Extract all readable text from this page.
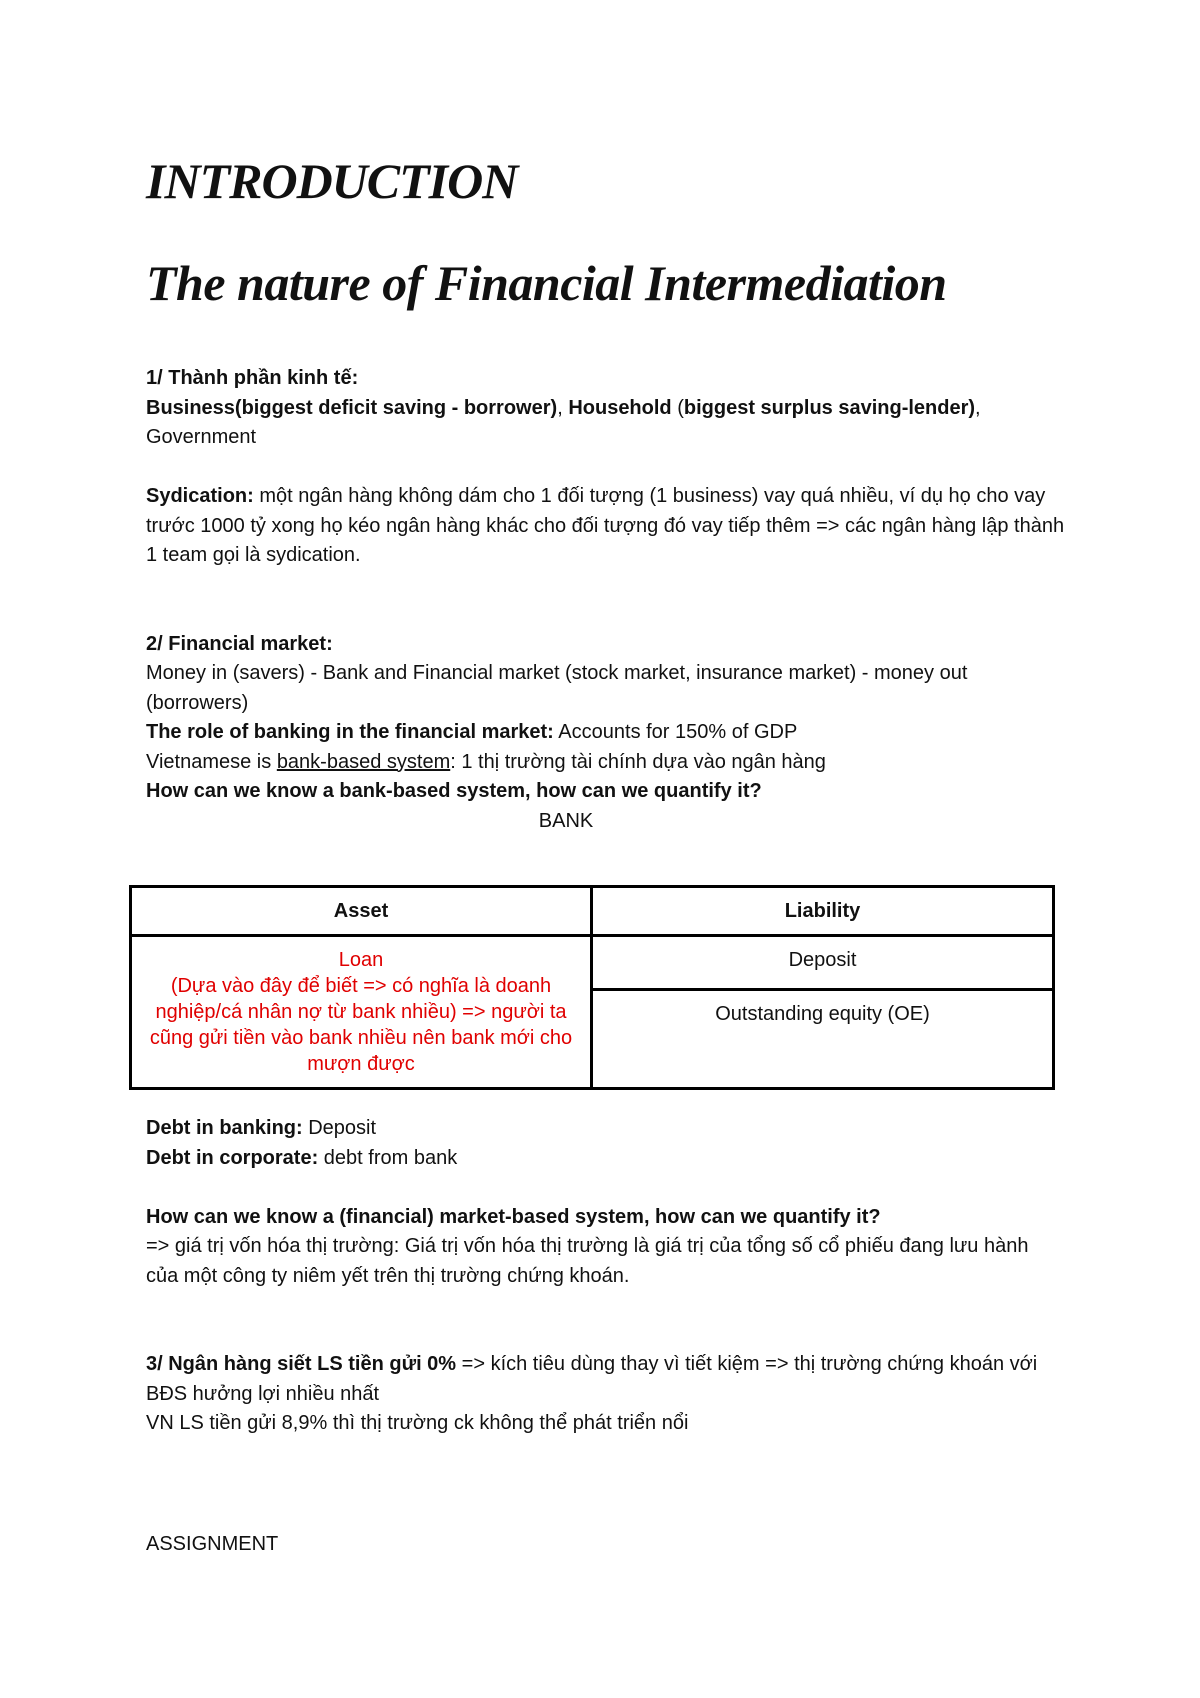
INTRODUCTION
The nature of Financial Intermediation

1/ Thành phần kinh tế:

Business(biggest deficit saving - borrower), Household (biggest surplus saving-lender), Government

Sydication: một ngân hàng không dám cho 1 đối tượng (1 business) vay quá nhiều, ví dụ họ cho vay trước 1000 tỷ xong họ kéo ngân hàng khác cho đối tượng đó vay tiếp thêm => các ngân hàng lập thành 1 team gọi là sydication.

2/ Financial market:

Money in (savers) - Bank and Financial market (stock market, insurance market) - money out (borrowers)

The role of banking in the financial market: Accounts for 150% of GDP

Vietnamese is bank-based system: 1 thị trường tài chính dựa vào ngân hàng

How can we know a bank-based system, how can we quantify it?

BANK

Asset	Liability

Loan
(Dựa vào đây để biết => có nghĩa là doanh nghiệp/cá nhân nợ từ bank nhiều) => người ta cũng gửi tiền vào bank nhiều nên bank mới cho mượn được	Deposit
	Outstanding equity (OE)

Debt in banking: Deposit

Debt in corporate: debt from bank

How can we know a (financial) market-based system, how can we quantify it?

=> giá trị vốn hóa thị trường: Giá trị vốn hóa thị trường là giá trị của tổng số cổ phiếu đang lưu hành của một công ty niêm yết trên thị trường chứng khoán.

3/ Ngân hàng siết LS tiền gửi 0% => kích tiêu dùng thay vì tiết kiệm => thị trường chứng khoán với BĐS hưởng lợi nhiều nhất

VN LS tiền gửi 8,9% thì thị trường ck không thể phát triển nổi

ASSIGNMENT
